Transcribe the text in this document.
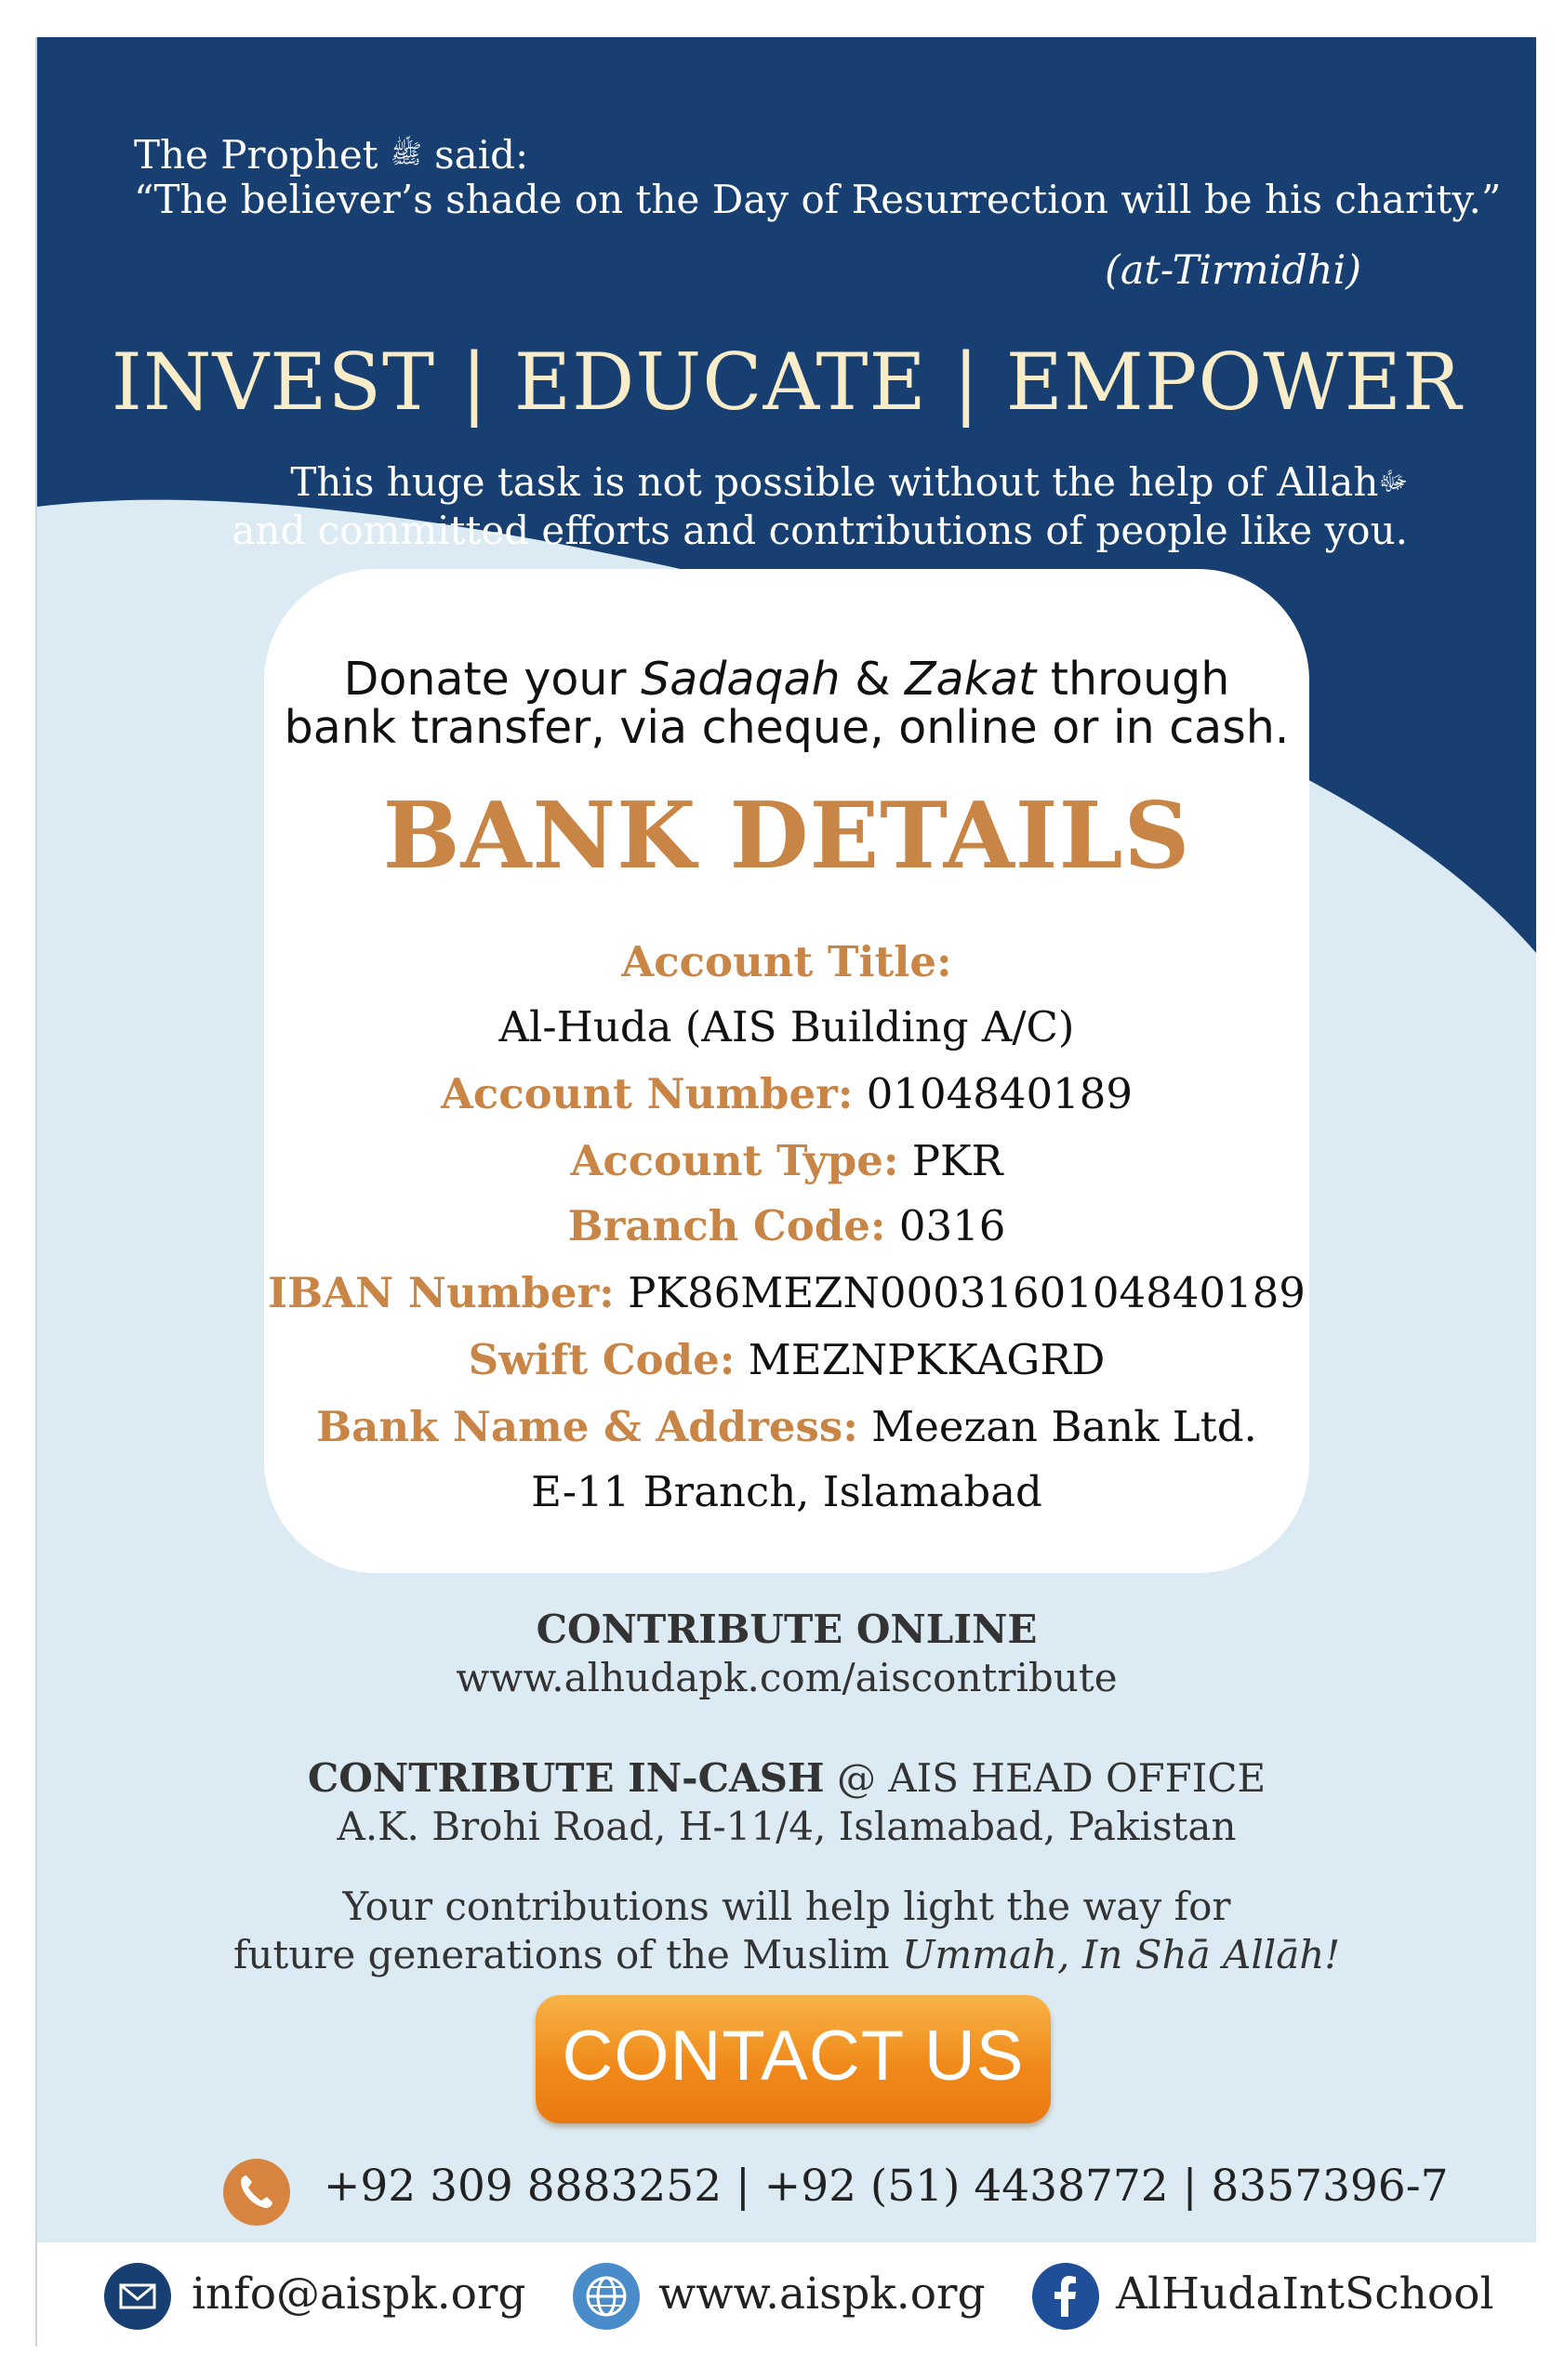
The Prophet ﷺ said:
“The believer’s shade on the Day of Resurrection will be his charity.”
(at-Tirmidhi)
INVEST | EDUCATE | EMPOWER
This huge task is not possible without the help of Allahﷻ
and committed efforts and contributions of people like you.
Donate your Sadaqah & Zakat through
bank transfer, via cheque, online or in cash.
BANK DETAILS
Account Title:
Al-Huda (AIS Building A/C)
Account Number: 0104840189
Account Type: PKR
Branch Code: 0316
IBAN Number: PK86MEZN0003160104840189
Swift Code: MEZNPKKAGRD
Bank Name & Address: Meezan Bank Ltd.
E-11 Branch, Islamabad
CONTRIBUTE ONLINE
www.alhudapk.com/aiscontribute
CONTRIBUTE IN-CASH @ AIS HEAD OFFICE
A.K. Brohi Road, H-11/4, Islamabad, Pakistan
Your contributions will help light the way for
future generations of the Muslim Ummah, In Shā Allāh!
CONTACT US
+92 309 8883252 | +92 (51) 4438772 | 8357396-7
info@aispk.org	www.aispk.org	AlHudaIntSchool
